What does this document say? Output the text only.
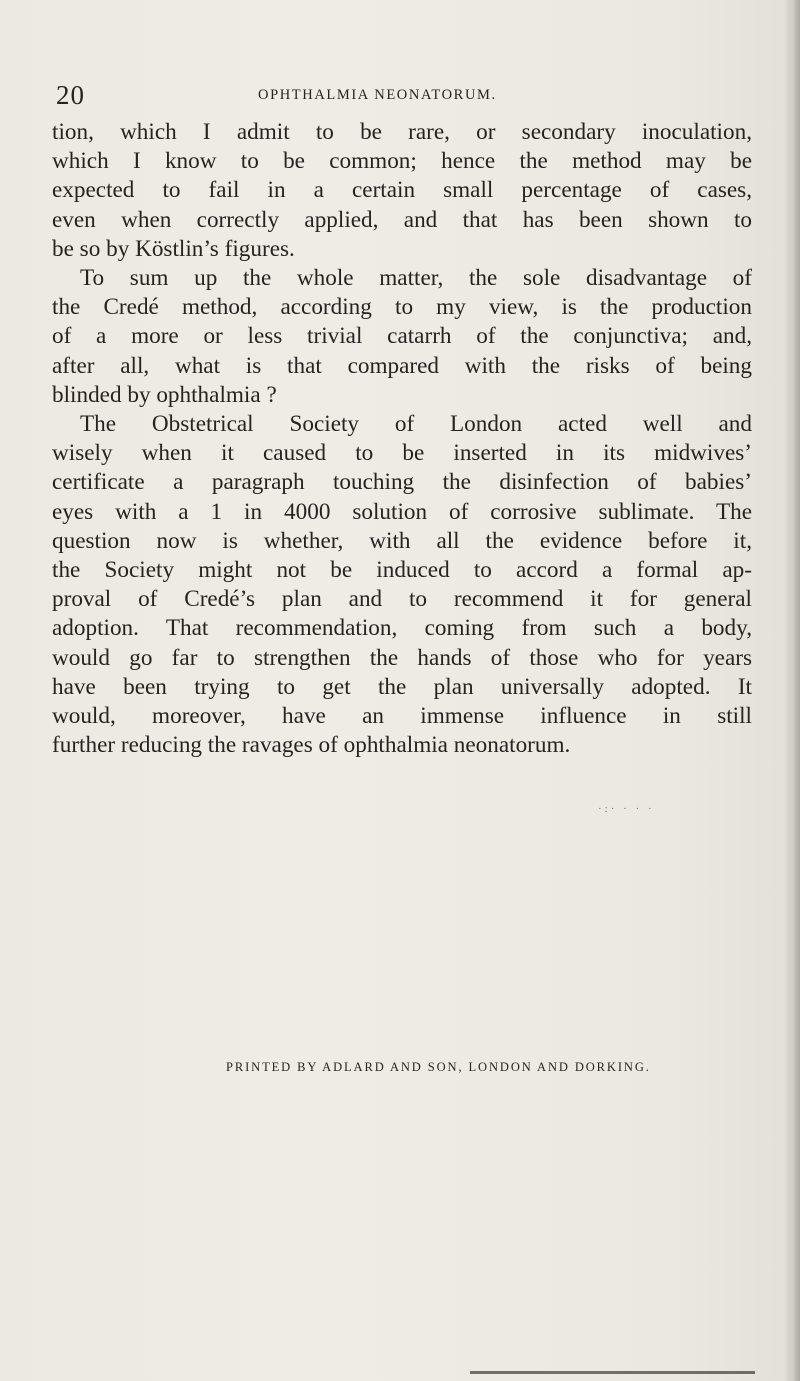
20	OPHTHALMIA NEONATORUM.

tion, which I admit to be rare, or secondary inoculation,
which I know to be common; hence the method may be
expected to fail in a certain small percentage of cases,
even when correctly applied, and that has been shown to
be so by Köstlin’s figures.
To sum up the whole matter, the sole disadvantage of
the Credé method, according to my view, is the production
of a more or less trivial catarrh of the conjunctiva; and,
after all, what is that compared with the risks of being
blinded by ophthalmia ?
The Obstetrical Society of London acted well and
wisely when it caused to be inserted in its midwives’
certificate a paragraph touching the disinfection of babies’
eyes with a 1 in 4000 solution of corrosive sublimate. The
question now is whether, with all the evidence before it,
the Society might not be induced to accord a formal ap-
proval of Credé’s plan and to recommend it for general
adoption. That recommendation, coming from such a body,
would go far to strengthen the hands of those who for years
have been trying to get the plan universally adopted. It
would, moreover, have an immense influence in still
further reducing the ravages of ophthalmia neonatorum.

·:· · · ·
PRINTED BY ADLARD AND SON, LONDON AND DORKING.
